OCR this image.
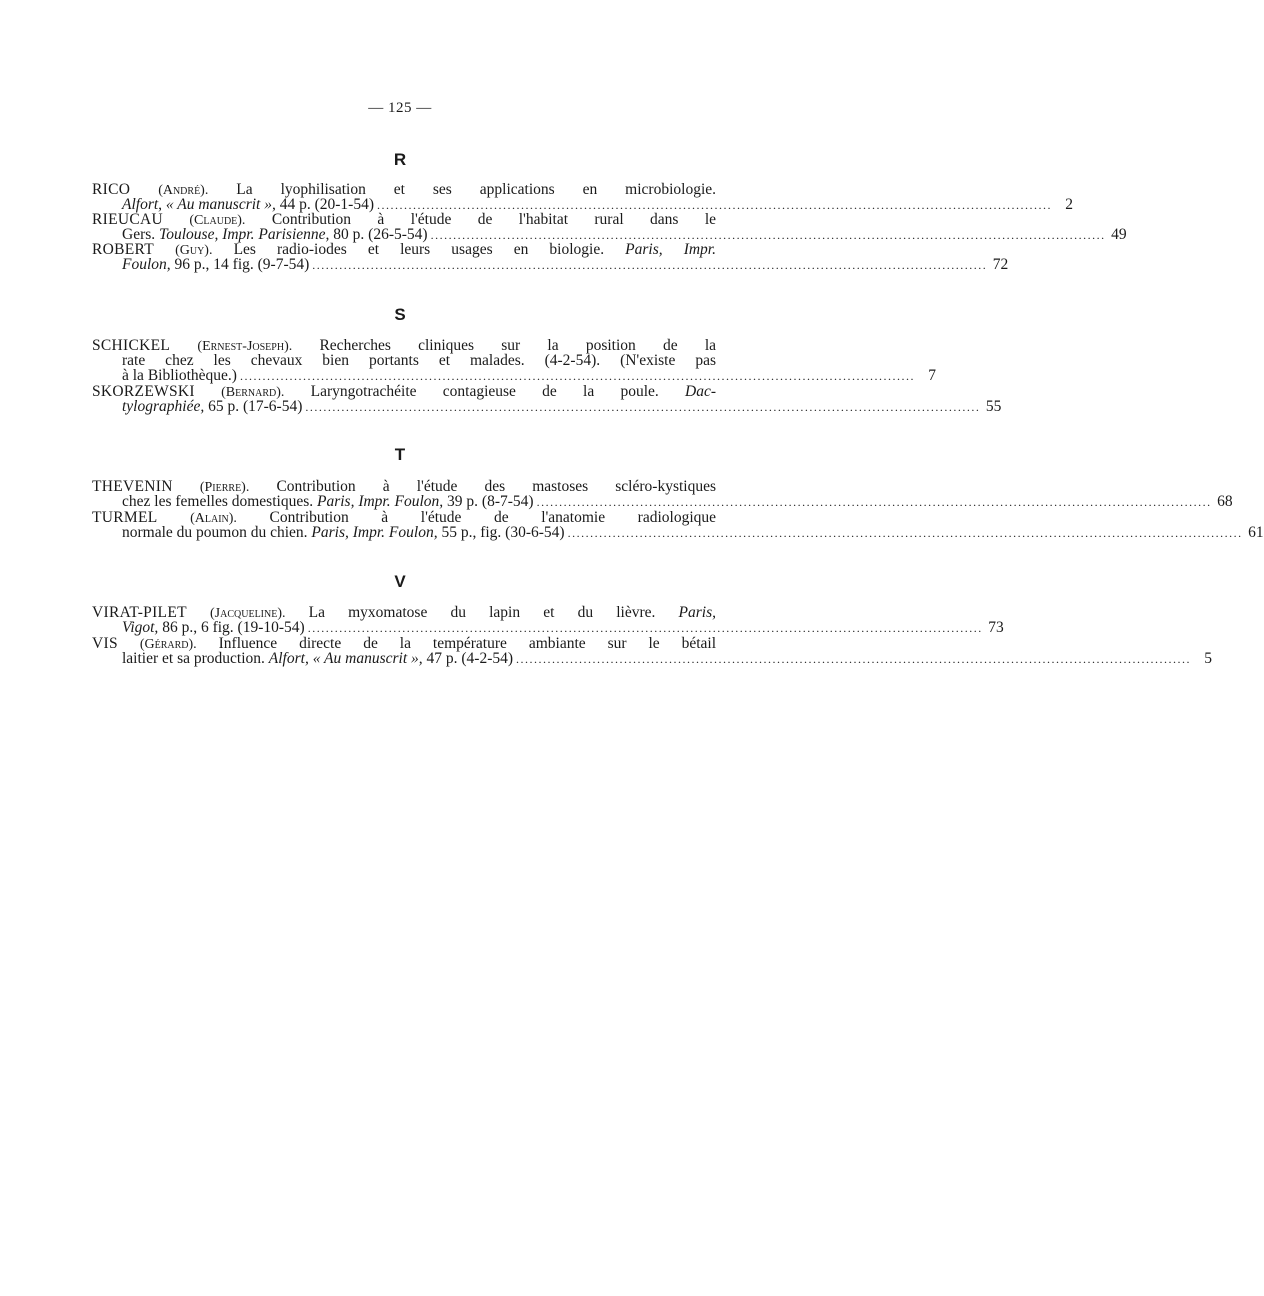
— 125 —
R
RICO (André). La lyophilisation et ses applications en microbiologie.
Alfort, « Au manuscrit », 44 p. (20-1-54) ...................................................................................................................................................... 2
RIEUCAU (Claude). Contribution à l'étude de l'habitat rural dans le
Gers. Toulouse, Impr. Parisienne, 80 p. (26-5-54) ...................................................................................................................................................... 49
ROBERT (Guy). Les radio-iodes et leurs usages en biologie. Paris, Impr.
Foulon, 96 p., 14 fig. (9-7-54) ...................................................................................................................................................... 72
S
SCHICKEL (Ernest-Joseph). Recherches cliniques sur la position de la
rate chez les chevaux bien portants et malades. (4-2-54). (N'existe pas
à la Bibliothèque.) ...................................................................................................................................................... 7
SKORZEWSKI (Bernard). Laryngotrachéite contagieuse de la poule. Dac-
tylographiée, 65 p. (17-6-54) ...................................................................................................................................................... 55
T
THEVENIN (Pierre). Contribution à l'étude des mastoses scléro-kystiques
chez les femelles domestiques. Paris, Impr. Foulon, 39 p. (8-7-54) ...................................................................................................................................................... 68
TURMEL (Alain). Contribution à l'étude de l'anatomie radiologique
normale du poumon du chien. Paris, Impr. Foulon, 55 p., fig. (30-6-54) ...................................................................................................................................................... 61
V
VIRAT-PILET (Jacqueline). La myxomatose du lapin et du lièvre. Paris,
Vigot, 86 p., 6 fig. (19-10-54) ...................................................................................................................................................... 73
VIS (Gérard). Influence directe de la température ambiante sur le bétail
laitier et sa production. Alfort, « Au manuscrit », 47 p. (4-2-54) ...................................................................................................................................................... 5
